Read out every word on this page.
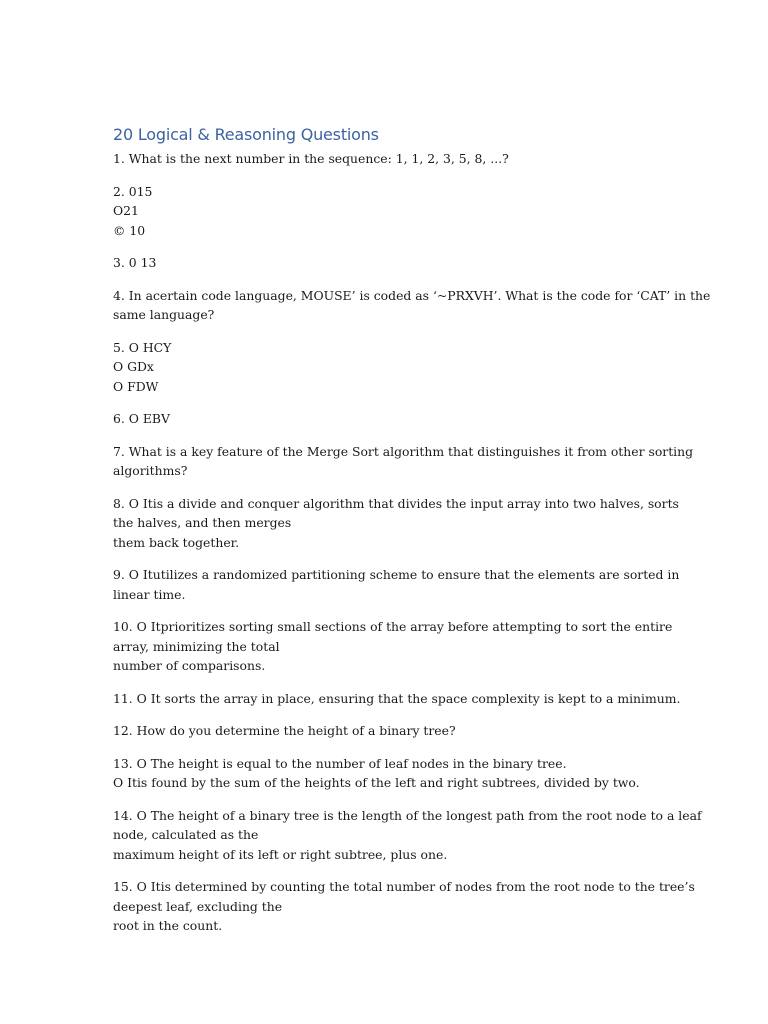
20 Logical & Reasoning Questions
1. What is the next number in the sequence: 1, 1, 2, 3, 5, 8, ...?
2. 015
O21
© 10
3. 0 13
4. In acertain code language, MOUSE’ is coded as ‘~PRXVH’. What is the code for ‘CAT’ in the
same language?
5. O HCY
O GDx
O FDW
6. O EBV
7. What is a key feature of the Merge Sort algorithm that distinguishes it from other sorting
algorithms?
8. O Itis a divide and conquer algorithm that divides the input array into two halves, sorts
the halves, and then merges
them back together.
9. O Itutilizes a randomized partitioning scheme to ensure that the elements are sorted in
linear time.
10. O Itprioritizes sorting small sections of the array before attempting to sort the entire
array, minimizing the total
number of comparisons.
11. O It sorts the array in place, ensuring that the space complexity is kept to a minimum.
12. How do you determine the height of a binary tree?
13. O The height is equal to the number of leaf nodes in the binary tree.
O Itis found by the sum of the heights of the left and right subtrees, divided by two.
14. O The height of a binary tree is the length of the longest path from the root node to a leaf
node, calculated as the
maximum height of its left or right subtree, plus one.
15. O Itis determined by counting the total number of nodes from the root node to the tree’s
deepest leaf, excluding the
root in the count.
